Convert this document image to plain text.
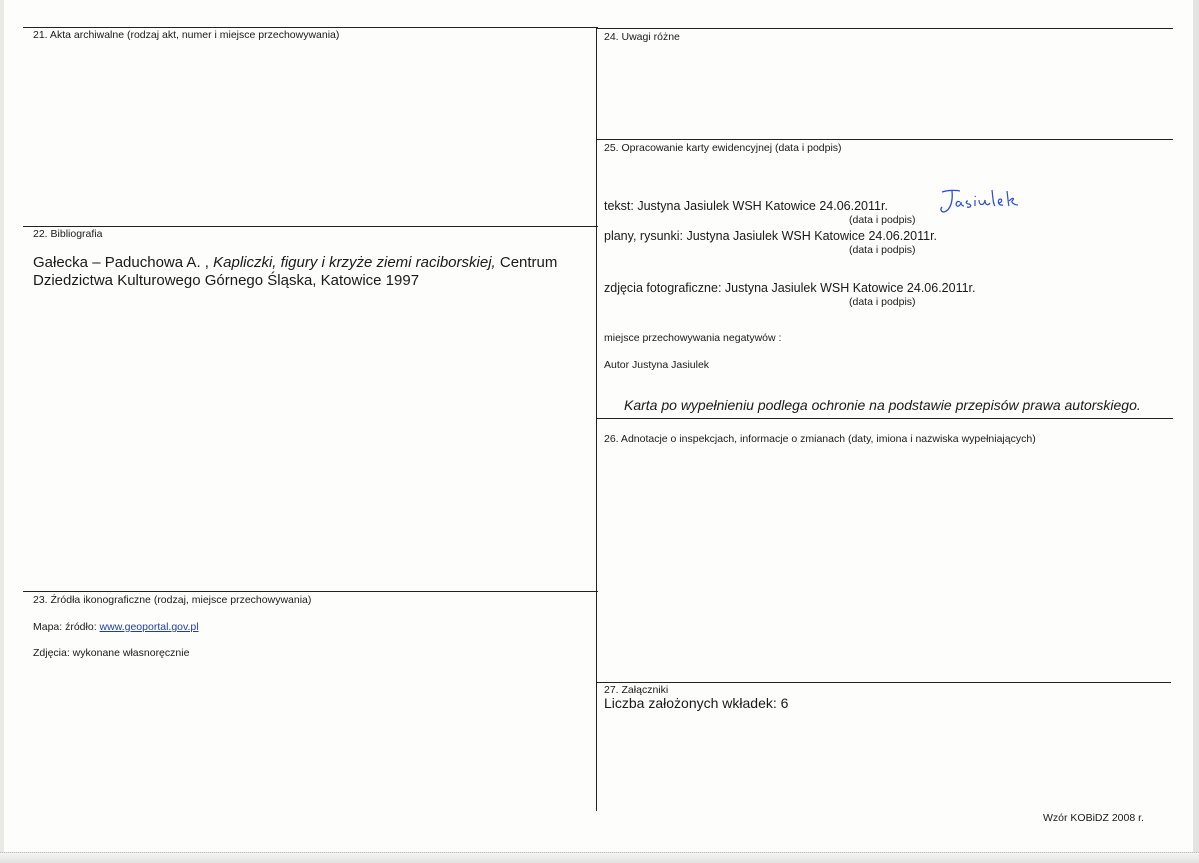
21. Akta archiwalne (rodzaj akt, numer i miejsce przechowywania)
22. Bibliografia
Gałecka – Paduchowa A. , Kapliczki, figury i krzyże ziemi raciborskiej, Centrum
Dziedzictwa Kulturowego Górnego Śląska, Katowice 1997
23. Źródła ikonograficzne (rodzaj, miejsce przechowywania)
Mapa: źródło: www.geoportal.gov.pl
Zdjęcia: wykonane własnoręcznie
24. Uwagi różne
25. Opracowanie karty ewidencyjnej (data i podpis)
tekst: Justyna Jasiulek WSH Katowice 24.06.2011r.
(data i podpis)
plany, rysunki: Justyna Jasiulek WSH Katowice 24.06.2011r.
(data i podpis)
zdjęcia fotograficzne: Justyna Jasiulek WSH Katowice 24.06.2011r.
(data i podpis)
miejsce przechowywania negatywów :
Autor Justyna Jasiulek
Karta po wypełnieniu podlega ochronie na podstawie przepisów prawa autorskiego.
26. Adnotacje o inspekcjach, informacje o zmianach (daty, imiona i nazwiska wypełniających)
27. Załączniki
Liczba założonych wkładek: 6
Wzór KOBiDZ 2008 r.
